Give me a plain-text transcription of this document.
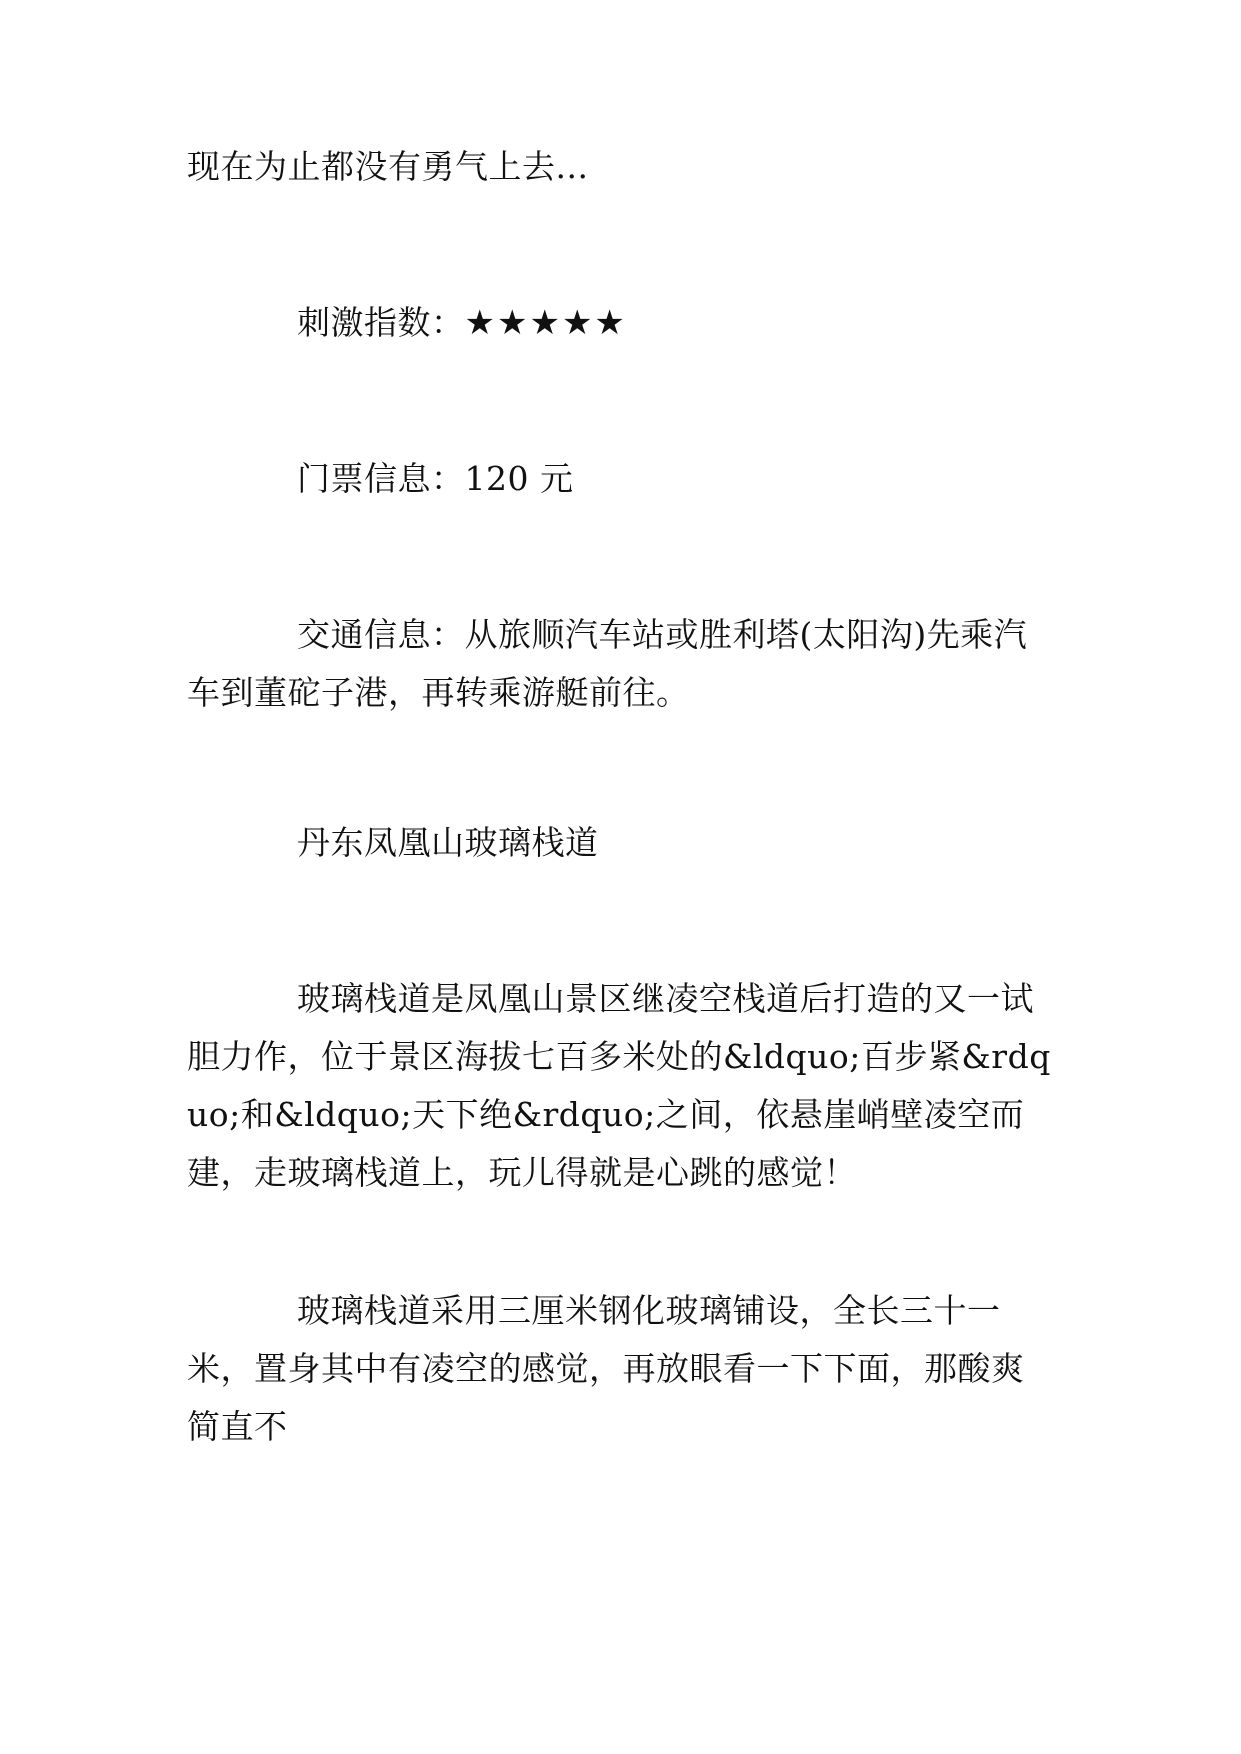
现在为止都没有勇气上去...

刺激指数：★★★★★

门票信息：120 元

交通信息：从旅顺汽车站或胜利塔(太阳沟)先乘汽车到董砣子港，再转乘游艇前往。

丹东凤凰山玻璃栈道

玻璃栈道是凤凰山景区继凌空栈道后打造的又一试胆力作，位于景区海拔七百多米处的&ldquo;百步紧&rdquo;和&ldquo;天下绝&rdquo;之间，依悬崖峭壁凌空而建，走玻璃栈道上，玩儿得就是心跳的感觉！

玻璃栈道采用三厘米钢化玻璃铺设，全长三十一米，置身其中有凌空的感觉，再放眼看一下下面，那酸爽简直不
